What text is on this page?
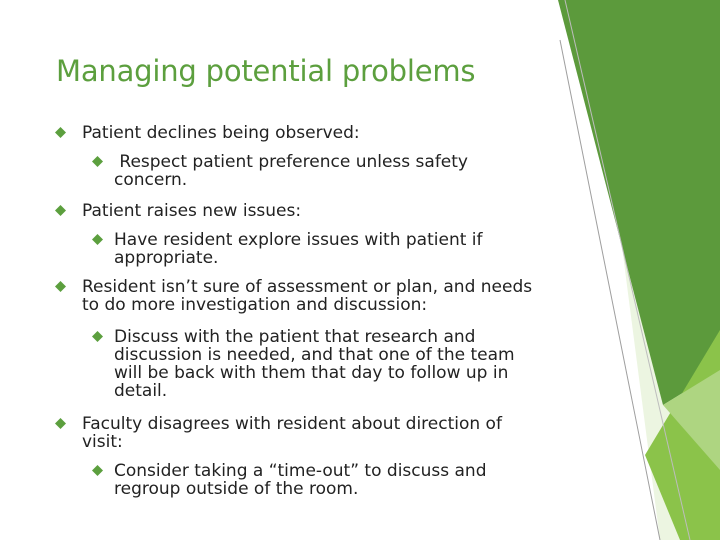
Managing potential problems

Patient declines being observed:

Respect patient preference unless safety concern.

Patient raises new issues:

Have resident explore issues with patient if appropriate.

Resident isn’t sure of assessment or plan, and needs to do more investigation and discussion:

Discuss with the patient that research and discussion is needed, and that one of the team will be back with them that day to follow up in detail.

Faculty disagrees with resident about direction of visit:

Consider taking a “time-out” to discuss and regroup outside of the room.
